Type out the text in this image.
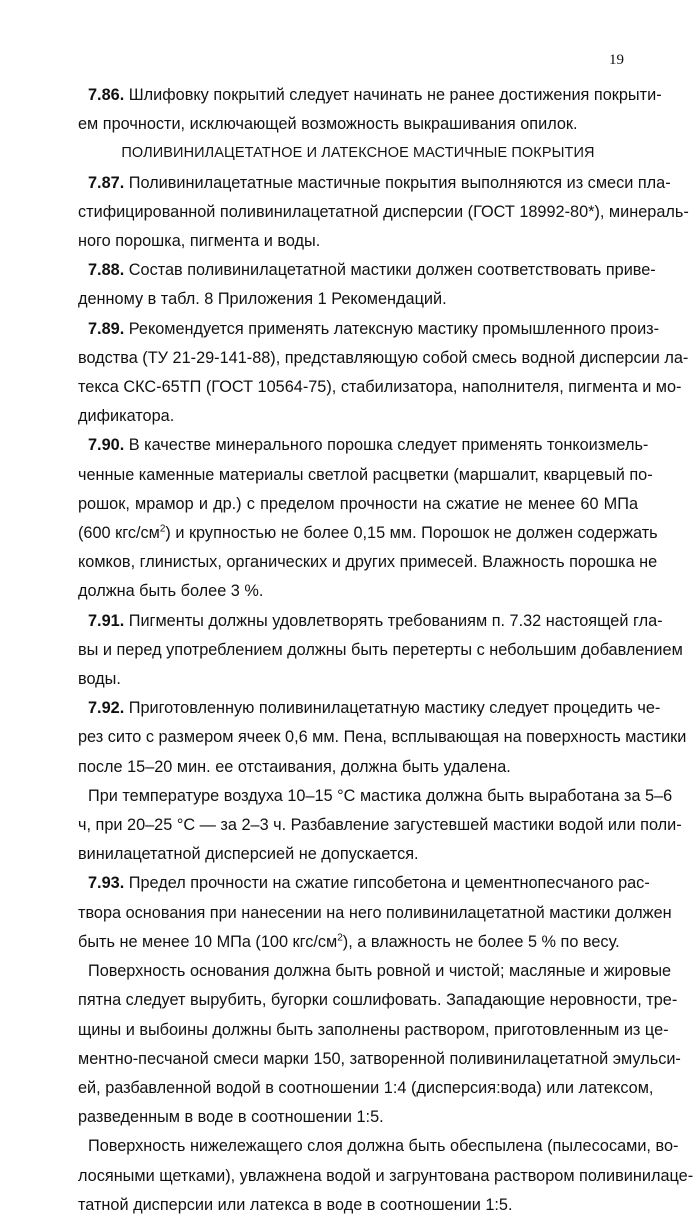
19

7.86. Шлифовку покрытий следует начинать не ранее достижения покрыти-
ем прочности, исключающей возможность выкрашивания опилок.

ПОЛИВИНИЛАЦЕТАТНОЕ И ЛАТЕКСНОЕ МАСТИЧНЫЕ ПОКРЫТИЯ

7.87. Поливинилацетатные мастичные покрытия выполняются из смеси пла-
стифицированной поливинилацетатной дисперсии (ГОСТ 18992-80*), минераль-
ного порошка, пигмента и воды.

7.88. Состав поливинилацетатной мастики должен соответствовать приве-
денному в табл. 8 Приложения 1 Рекомендаций.

7.89. Рекомендуется применять латексную мастику промышленного произ-
водства (ТУ 21-29-141-88), представляющую собой смесь водной дисперсии ла-
текса СКС-65ТП (ГОСТ 10564-75), стабилизатора, наполнителя, пигмента и мо-
дификатора.

7.90. В качестве минерального порошка следует применять тонкоизмель-
ченные каменные материалы светлой расцветки (маршалит, кварцевый по-
рошок, мрамор и др.) с пределом прочности на сжатие не менее 60 МПа
(600 кгс/$см^2$) и крупностью не более 0,15 мм. Порошок не должен содержать
комков, глинистых, органических и других примесей. Влажность порошка не
должна быть более 3 %.

7.91. Пигменты должны удовлетворять требованиям п. 7.32 настоящей гла-
вы и перед употреблением должны быть перетерты с небольшим добавлением
воды.

7.92. Приготовленную поливинилацетатную мастику следует процедить че-
рез сито с размером ячеек 0,6 мм. Пена, всплывающая на поверхность мастики
после 15–20 мин. ее отстаивания, должна быть удалена.
При температуре воздуха 10–15 °С мастика должна быть выработана за 5–6
ч, при 20–25 °С — за 2–3 ч. Разбавление загустевшей мастики водой или поли-
винилацетатной дисперсией не допускается.

7.93. Предел прочности на сжатие гипсобетона и цементнопесчаного рас-
твора основания при нанесении на него поливинилацетатной мастики должен
быть не менее 10 МПа (100 кгс/$см^2$), а влажность не более 5 % по весу.
Поверхность основания должна быть ровной и чистой; масляные и жировые
пятна следует вырубить, бугорки сошлифовать. Западающие неровности, тре-
щины и выбоины должны быть заполнены раствором, приготовленным из це-
ментно-песчаной смеси марки 150, затворенной поливинилацетатной эмульси-
ей, разбавленной водой в соотношении 1:4 (дисперсия:вода) или латексом,
разведенным в воде в соотношении 1:5.
Поверхность нижележащего слоя должна быть обеспылена (пылесосами, во-
лосяными щетками), увлажнена водой и загрунтована раствором поливинилаце-
татной дисперсии или латекса в воде в соотношении 1:5.
